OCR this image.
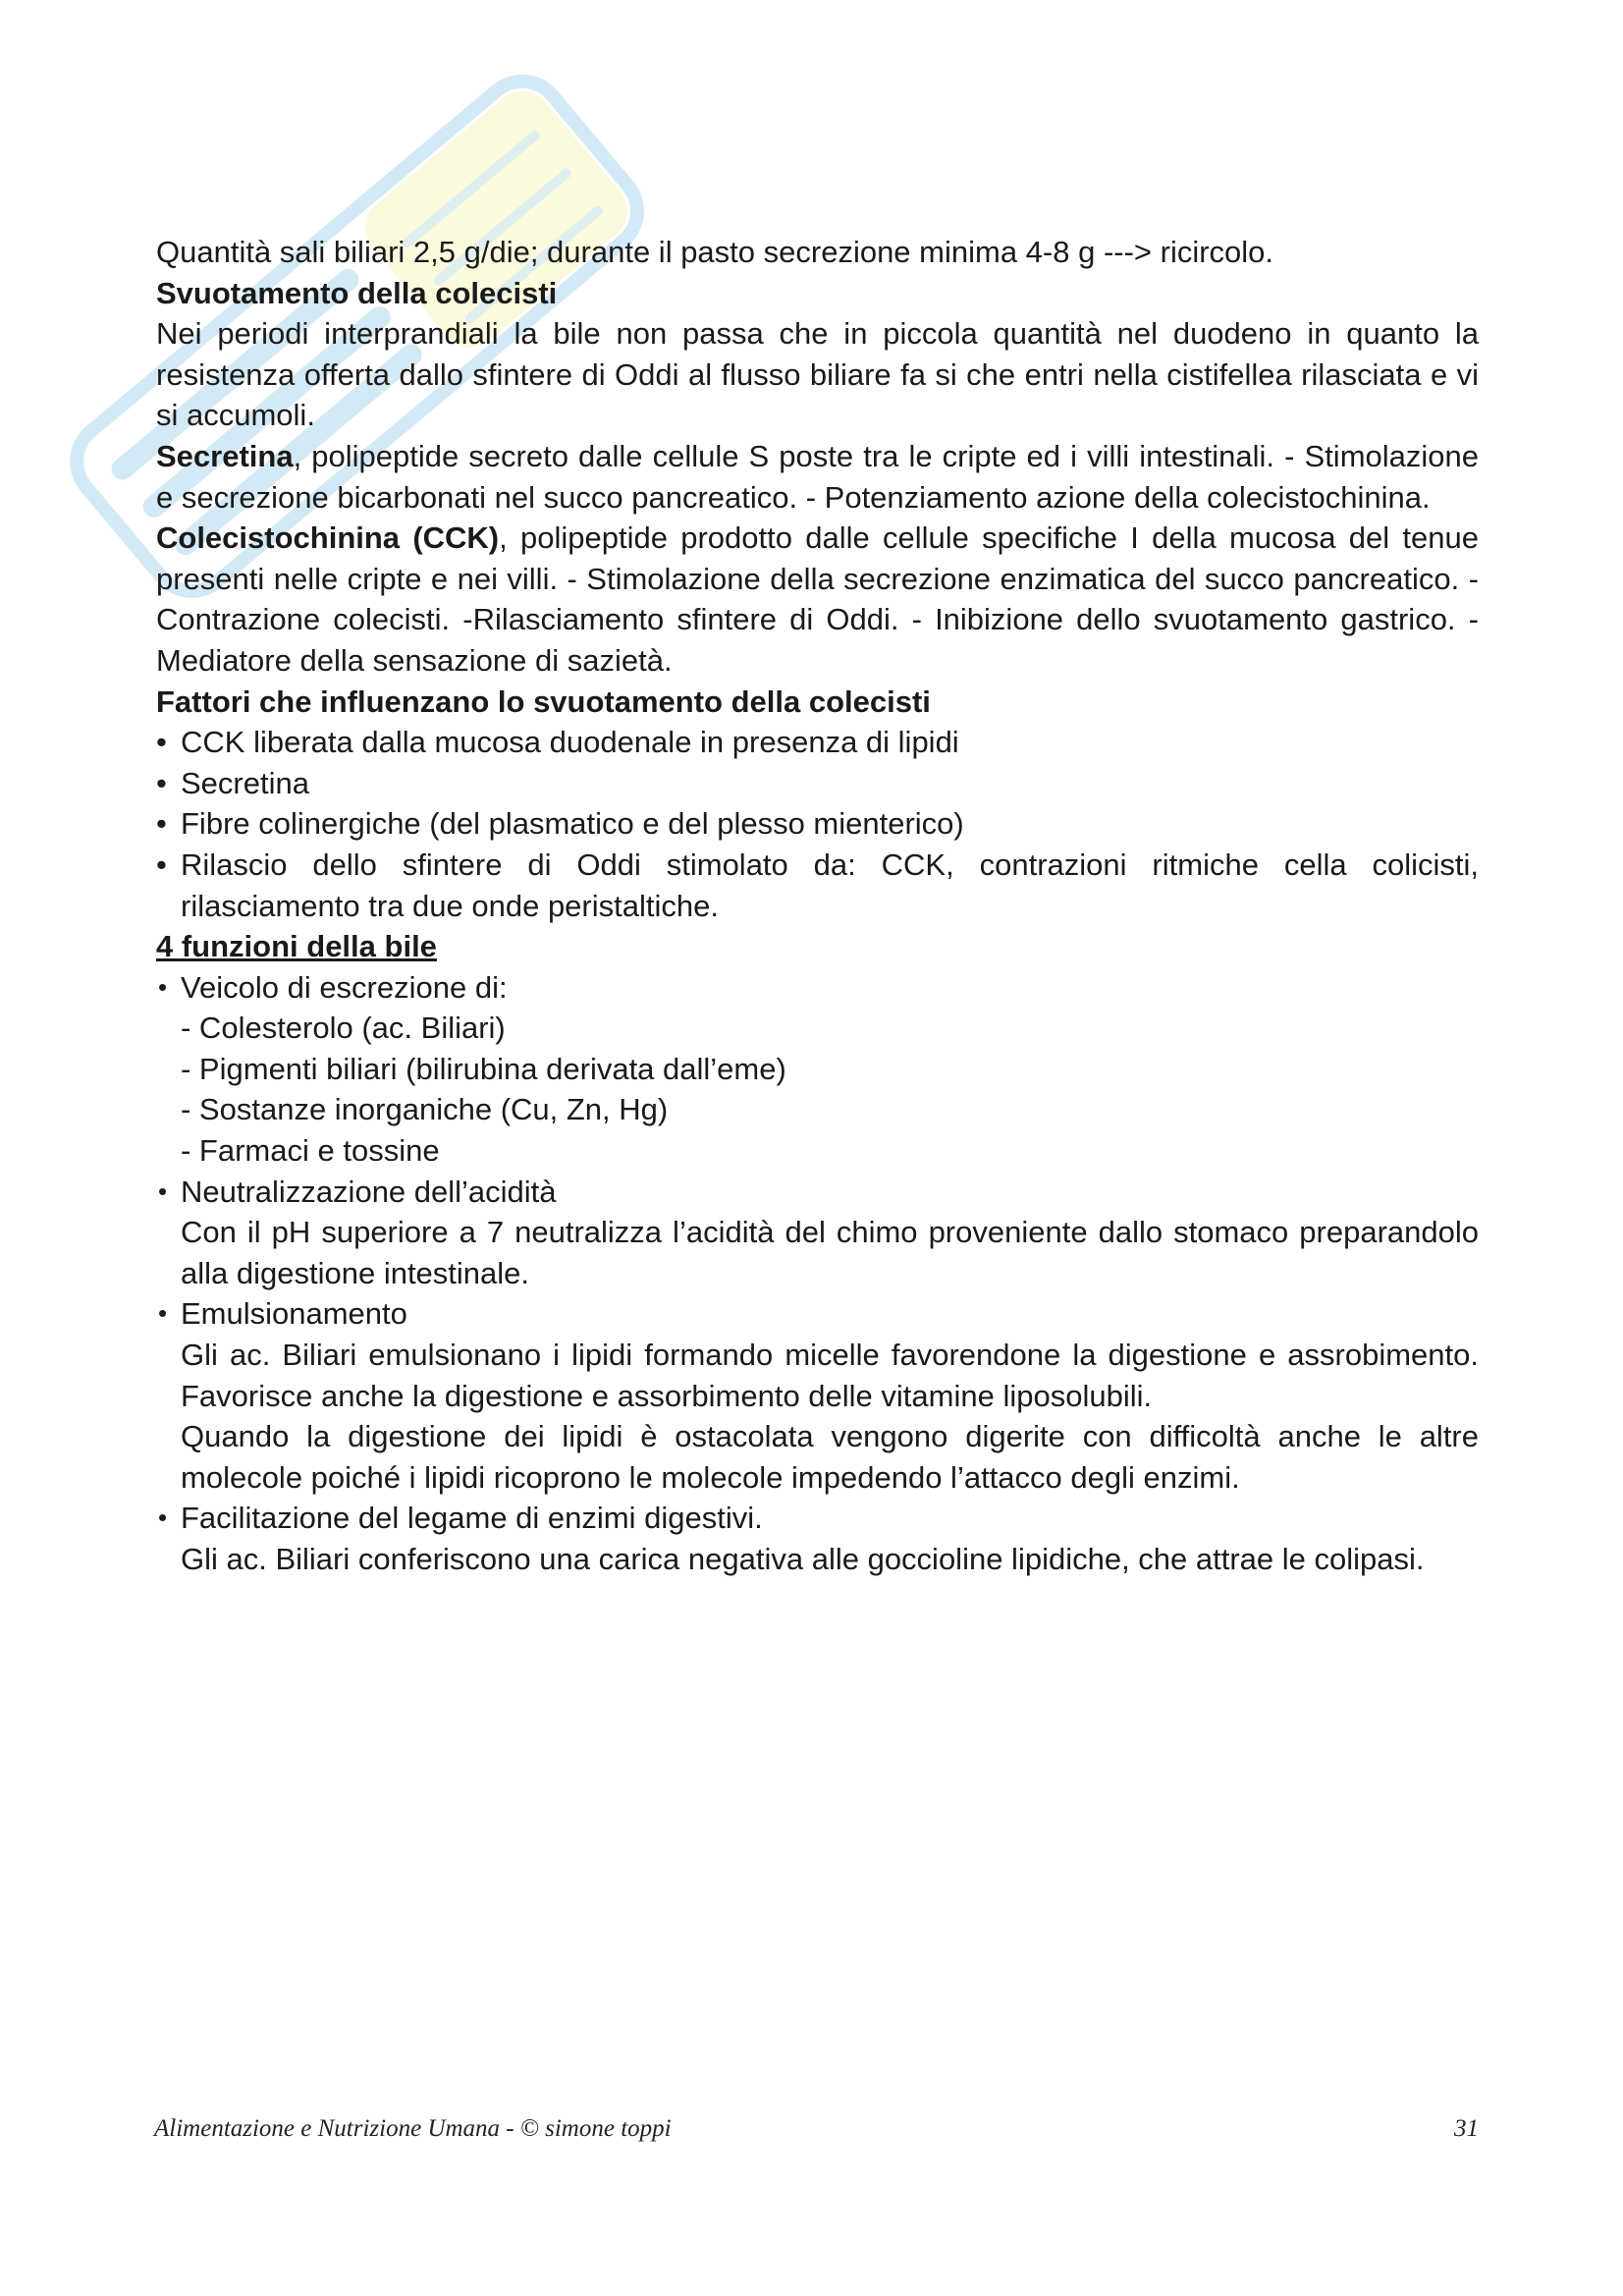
Quantità sali biliari 2,5 g/die; durante il pasto secrezione minima 4-8 g ---> ricircolo.

Svuotamento della colecisti

Nei periodi interprandiali la bile non passa che in piccola quantità nel duodeno in quanto la resistenza offerta dallo sfintere di Oddi al flusso biliare fa si che entri nella cistifellea rilasciata e vi si accumoli.

Secretina, polipeptide secreto dalle cellule S poste tra le cripte ed i villi intestinali. - Stimolazione e secrezione bicarbonati nel succo pancreatico. - Potenziamento azione della colecistochinina.

Colecistochinina (CCK), polipeptide prodotto dalle cellule specifiche I della mucosa del tenue presenti nelle cripte e nei villi. - Stimolazione della secrezione enzimatica del succo pancreatico. - Contrazione colecisti. -Rilasciamento sfintere di Oddi. - Inibizione dello svuotamento gastrico. - Mediatore della sensazione di sazietà.

Fattori che influenzano lo svuotamento della colecisti

• CCK liberata dalla mucosa duodenale in presenza di lipidi

• Secretina

• Fibre colinergiche (del plasmatico e del plesso mienterico)

• Rilascio dello sfintere di Oddi stimolato da: CCK, contrazioni ritmiche cella colicisti, rilasciamento tra due onde peristaltiche.

4 funzioni della bile

• Veicolo di escrezione di:

- Colesterolo (ac. Biliari)

- Pigmenti biliari (bilirubina derivata dall’eme)

- Sostanze inorganiche (Cu, Zn, Hg)

- Farmaci e tossine

• Neutralizzazione dell’acidità

Con il pH superiore a 7 neutralizza l’acidità del chimo proveniente dallo stomaco preparandolo alla digestione intestinale.

• Emulsionamento

Gli ac. Biliari emulsionano i lipidi formando micelle favorendone la digestione e assrobimento. Favorisce anche la digestione e assorbimento delle vitamine liposolubili.

Quando la digestione dei lipidi è ostacolata vengono digerite con difficoltà anche le altre molecole poiché i lipidi ricoprono le molecole impedendo l’attacco degli enzimi.

• Facilitazione del legame di enzimi digestivi.

Gli ac. Biliari conferiscono una carica negativa alle goccioline lipidiche, che attrae le colipasi.

Alimentazione e Nutrizione Umana - © simone toppi	31
